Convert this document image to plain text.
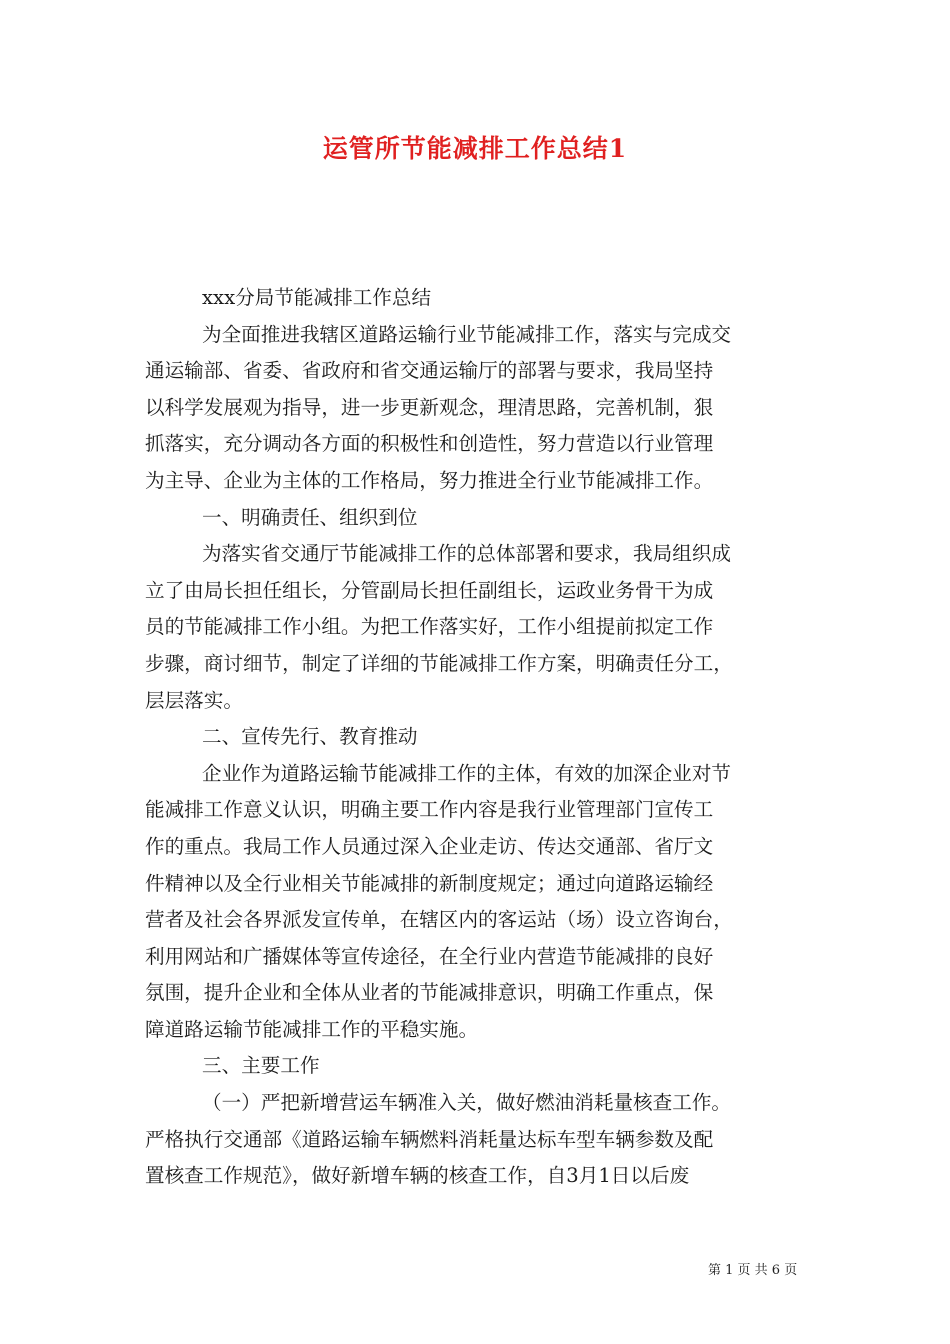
运管所节能减排工作总结1
xxx分局节能减排工作总结
为全面推进我辖区道路运输行业节能减排工作，落实与完成交
通运输部、省委、省政府和省交通运输厅的部署与要求，我局坚持
以科学发展观为指导，进一步更新观念，理清思路，完善机制，狠
抓落实，充分调动各方面的积极性和创造性，努力营造以行业管理
为主导、企业为主体的工作格局，努力推进全行业节能减排工作。
一、明确责任、组织到位
为落实省交通厅节能减排工作的总体部署和要求，我局组织成
立了由局长担任组长，分管副局长担任副组长，运政业务骨干为成
员的节能减排工作小组。为把工作落实好，工作小组提前拟定工作
步骤，商讨细节，制定了详细的节能减排工作方案，明确责任分工，
层层落实。
二、宣传先行、教育推动
企业作为道路运输节能减排工作的主体，有效的加深企业对节
能减排工作意义认识，明确主要工作内容是我行业管理部门宣传工
作的重点。我局工作人员通过深入企业走访、传达交通部、省厅文
件精神以及全行业相关节能减排的新制度规定；通过向道路运输经
营者及社会各界派发宣传单，在辖区内的客运站（场）设立咨询台，
利用网站和广播媒体等宣传途径，在全行业内营造节能减排的良好
氛围，提升企业和全体从业者的节能减排意识，明确工作重点，保
障道路运输节能减排工作的平稳实施。
三、主要工作
（一）严把新增营运车辆准入关，做好燃油消耗量核查工作。
严格执行交通部《道路运输车辆燃料消耗量达标车型车辆参数及配
置核查工作规范》，做好新增车辆的核查工作，自3月1日以后废
第 1 页 共 6 页
